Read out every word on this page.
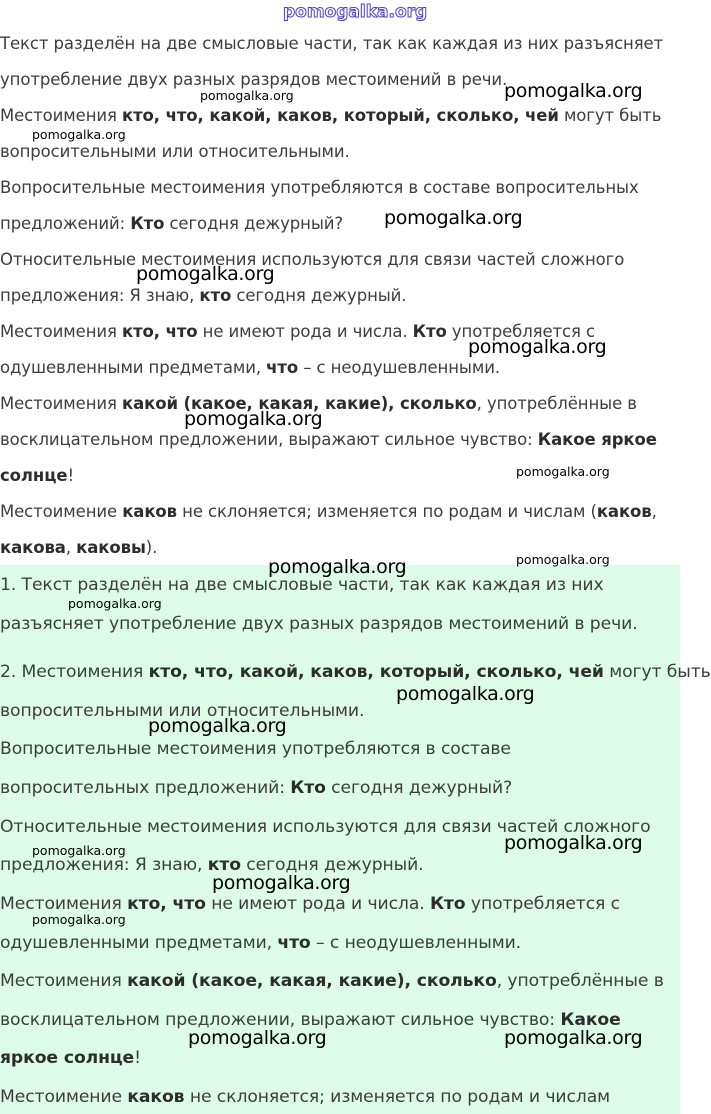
pomogalka.org

Текст разделён на две смысловые части, так как каждая из них разъясняет

употребление двух разных разрядов местоимений в речи.

Местоимения кто, что, какой, каков, который, сколько, чей могут быть

вопросительными или относительными.

Вопросительные местоимения употребляются в составе вопросительных

предложений: Кто сегодня дежурный?

Относительные местоимения используются для связи частей сложного

предложения: Я знаю, кто сегодня дежурный.

Местоимения кто, что не имеют рода и числа. Кто употребляется с

одушевленными предметами, что – с неодушевленными.

Местоимения какой (какое, какая, какие), сколько, употреблённые в

восклицательном предложении, выражают сильное чувство: Какое яркое

солнце!

Местоимение каков не склоняется; изменяется по родам и числам (каков,

какова, каковы).

1. Текст разделён на две смысловые части, так как каждая из них

разъясняет употребление двух разных разрядов местоимений в речи.

2. Местоимения кто, что, какой, каков, который, сколько, чей могут быть

вопросительными или относительными.

Вопросительные местоимения употребляются в составе

вопросительных предложений: Кто сегодня дежурный?

Относительные местоимения используются для связи частей сложного

предложения: Я знаю, кто сегодня дежурный.

Местоимения кто, что не имеют рода и числа. Кто употребляется с

одушевленными предметами, что – с неодушевленными.

Местоимения какой (какое, какая, какие), сколько, употреблённые в

восклицательном предложении, выражают сильное чувство: Какое

яркое солнце!

Местоимение каков не склоняется; изменяется по родам и числам

pomogalka.org
pomogalka.org
pomogalka.org
pomogalka.org
pomogalka.org
pomogalka.org
pomogalka.org
pomogalka.org
pomogalka.org	pomogalka.org
pomogalka.org
pomogalka.org
pomogalka.org
pomogalka.org
pomogalka.org
pomogalka.org
pomogalka.org
pomogalka.org	pomogalka.org
